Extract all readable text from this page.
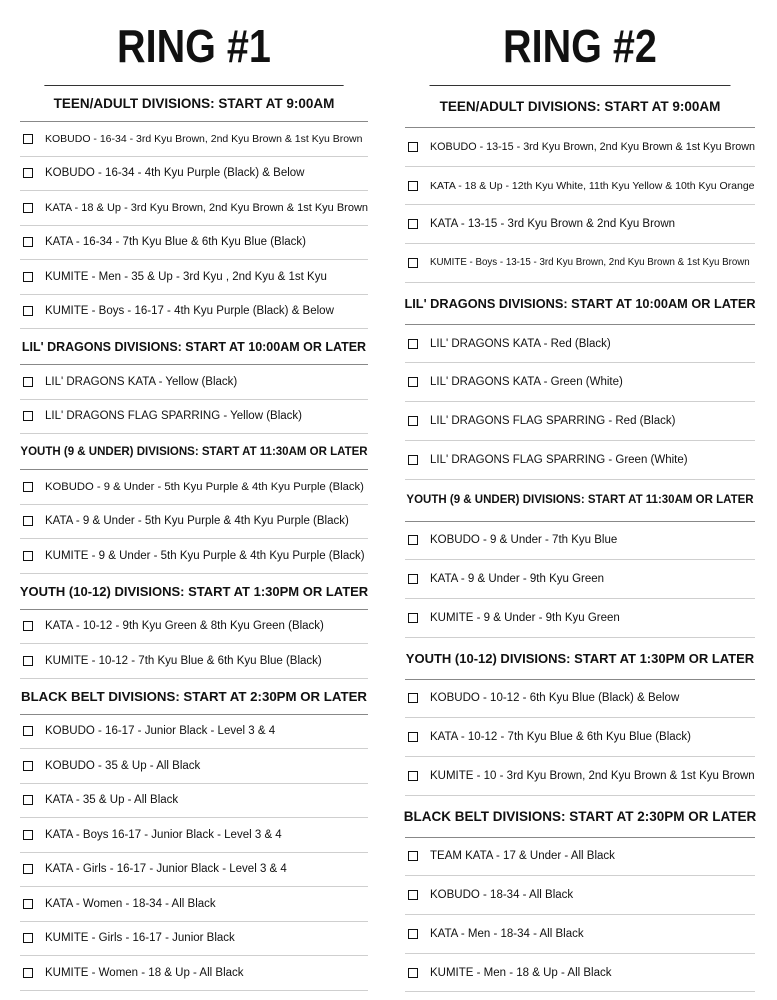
RING #1
TEEN/ADULT DIVISIONS: START AT 9:00AM
KOBUDO - 16-34 - 3rd Kyu Brown, 2nd Kyu Brown & 1st Kyu Brown
KOBUDO - 16-34 - 4th Kyu Purple (Black) & Below
KATA - 18 & Up - 3rd Kyu Brown, 2nd Kyu Brown & 1st Kyu Brown
KATA - 16-34 - 7th Kyu Blue & 6th Kyu Blue (Black)
KUMITE - Men - 35 & Up - 3rd Kyu , 2nd Kyu & 1st Kyu
KUMITE - Boys - 16-17 - 4th Kyu Purple (Black) & Below
LIL' DRAGONS DIVISIONS: START AT 10:00AM OR LATER
LIL' DRAGONS KATA - Yellow (Black)
LIL' DRAGONS FLAG SPARRING - Yellow (Black)
YOUTH (9 & UNDER) DIVISIONS: START AT 11:30AM OR LATER
KOBUDO - 9 & Under - 5th Kyu Purple & 4th Kyu Purple (Black)
KATA - 9 & Under - 5th Kyu Purple & 4th Kyu Purple (Black)
KUMITE - 9 & Under - 5th Kyu Purple & 4th Kyu Purple (Black)
YOUTH (10-12) DIVISIONS: START AT 1:30PM OR LATER
KATA - 10-12 - 9th Kyu Green & 8th Kyu Green (Black)
KUMITE - 10-12 - 7th Kyu Blue & 6th Kyu Blue (Black)
BLACK BELT DIVISIONS: START AT 2:30PM OR LATER
KOBUDO - 16-17 - Junior Black - Level 3 & 4
KOBUDO - 35 & Up - All Black
KATA - 35 & Up - All Black
KATA - Boys 16-17 - Junior Black - Level 3 & 4
KATA - Girls - 16-17 - Junior Black - Level 3 & 4
KATA - Women - 18-34 - All Black
KUMITE - Girls - 16-17 - Junior Black
KUMITE - Women - 18 & Up - All Black
RING #2
TEEN/ADULT DIVISIONS: START AT 9:00AM
KOBUDO - 13-15 - 3rd Kyu Brown, 2nd Kyu Brown & 1st Kyu Brown
KATA - 18 & Up - 12th Kyu White, 11th Kyu Yellow & 10th Kyu Orange
KATA - 13-15 - 3rd Kyu Brown & 2nd Kyu Brown
KUMITE - Boys - 13-15 - 3rd Kyu Brown, 2nd Kyu Brown & 1st Kyu Brown
LIL' DRAGONS DIVISIONS: START AT 10:00AM OR LATER
LIL' DRAGONS KATA - Red (Black)
LIL' DRAGONS KATA - Green (White)
LIL' DRAGONS FLAG SPARRING - Red (Black)
LIL' DRAGONS FLAG SPARRING - Green (White)
YOUTH (9 & UNDER) DIVISIONS: START AT 11:30AM OR LATER
KOBUDO - 9 & Under - 7th Kyu Blue
KATA - 9 & Under - 9th Kyu Green
KUMITE - 9 & Under - 9th Kyu Green
YOUTH (10-12) DIVISIONS: START AT 1:30PM OR LATER
KOBUDO - 10-12 - 6th Kyu Blue (Black) & Below
KATA - 10-12 - 7th Kyu Blue & 6th Kyu Blue (Black)
KUMITE - 10 - 3rd Kyu Brown, 2nd Kyu Brown & 1st Kyu Brown
BLACK BELT DIVISIONS: START AT 2:30PM OR LATER
TEAM KATA - 17 & Under - All Black
KOBUDO - 18-34 - All Black
KATA - Men - 18-34 - All Black
KUMITE - Men - 18 & Up - All Black
